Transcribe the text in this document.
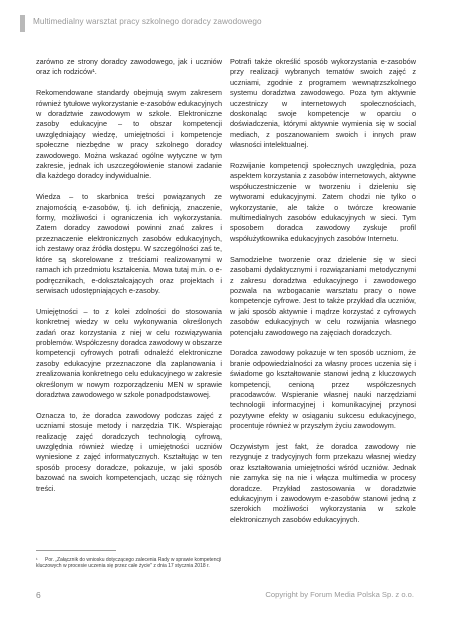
Multimedialny warsztat pracy szkolnego doradcy zawodowego

zarówno ze strony doradcy zawodowego, jak i uczniów oraz ich rodziców¹.

Rekomendowane standardy obejmują swym zakresem również tytułowe wykorzystanie e-zasobów edukacyjnych w doradztwie zawodowym w szkole. Elektroniczne zasoby edukacyjne – to obszar kompetencji uwzględniający wiedzę, umiejętności i kompetencje społeczne niezbędne w pracy szkolnego doradcy zawodowego. Można wskazać ogólne wytyczne w tym zakresie, jednak ich uszczegółowienie stanowi zadanie dla każdego doradcy indywidualnie.

Wiedza – to skarbnica treści powiązanych ze znajomością e-zasobów, tj. ich definicją, znaczenie, formy, możliwości i ograniczenia ich wykorzystania. Zatem doradcy zawodowi powinni znać zakres i przeznaczenie elektronicznych zasobów edukacyjnych, ich zestawy oraz źródła dostępu. W szczególności zaś te, które są skorelowane z treściami realizowanymi w ramach ich przedmiotu kształcenia. Mowa tutaj m.in. o e-podręcznikach, e-dokształcających oraz projektach i serwisach udostępniających e-zasoby.

Umiejętności – to z kolei zdolności do stosowania konkretnej wiedzy w celu wykonywania określonych zadań oraz korzystania z niej w celu rozwiązywania problemów. Współczesny doradca zawodowy w obszarze kompetencji cyfrowych potrafi odnaleźć elektroniczne zasoby edukacyjne przeznaczone dla zaplanowania i zrealizowania konkretnego celu edukacyjnego w zakresie określonym w nowym rozporządzeniu MEN w sprawie doradztwa zawodowego w szkole ponadpodstawowej.

Oznacza to, że doradca zawodowy podczas zajęć z uczniami stosuje metody i narzędzia TIK. Wspierając realizację zajęć doradczych technologią cyfrową, uwzględnia również wiedzę i umiejętności uczniów wyniesione z zajęć informatycznych. Kształtując w ten sposób procesy doradcze, pokazuje, w jaki sposób bazować na swoich kompetencjach, ucząc się różnych treści.

Potrafi także określić sposób wykorzystania e-zasobów przy realizacji wybranych tematów swoich zajęć z uczniami, zgodnie z programem wewnątrzszkolnego systemu doradztwa zawodowego. Poza tym aktywnie uczestniczy w internetowych społecznościach, doskonaląc swoje kompetencje w oparciu o doświadczenia, którymi aktywnie wymienia się w social mediach, z poszanowaniem swoich i innych praw własności intelektualnej.

Rozwijanie kompetencji społecznych uwzględnia, poza aspektem korzystania z zasobów internetowych, aktywne współuczestniczenie w tworzeniu i dzieleniu się wytworami edukacyjnymi. Zatem chodzi nie tylko o wykorzystanie, ale także o twórcze kreowanie multimedialnych zasobów edukacyjnych w sieci. Tym sposobem doradca zawodowy zyskuje profil współużytkownika edukacyjnych zasobów Internetu.

Samodzielne tworzenie oraz dzielenie się w sieci zasobami dydaktycznymi i rozwiązaniami metodycznymi z zakresu doradztwa edukacyjnego i zawodowego pozwala na wzbogacanie warsztatu pracy o nowe kompetencje cyfrowe. Jest to także przykład dla uczniów, w jaki sposób aktywnie i mądrze korzystać z cyfrowych zasobów edukacyjnych w celu rozwijania własnego potencjału zawodowego na zajęciach doradczych.

Doradca zawodowy pokazuje w ten sposób uczniom, że branie odpowiedzialności za własny proces uczenia się i świadome go kształtowanie stanowi jedną z kluczowych kompetencji, cenioną przez współczesnych pracodawców. Wspieranie własnej nauki narzędziami technologii informacyjnej i komunikacyjnej przynosi pozytywne efekty w osiąganiu sukcesu edukacyjnego, procentuje również w przyszłym życiu zawodowym.

Oczywistym jest fakt, że doradca zawodowy nie rezygnuje z tradycyjnych form przekazu własnej wiedzy oraz kształtowania umiejętności wśród uczniów. Jednak nie zamyka się na nie i włącza multimedia w procesy doradcze. Przykład zastosowania w doradztwie edukacyjnym i zawodowym e-zasobów stanowi jedną z szerokich możliwości wykorzystania w szkole elektronicznych zasobów edukacyjnych.

¹ Por. „Załącznik do wniosku dotyczącego zalecenia Rady w sprawie kompetencji kluczowych w procesie uczenia się przez całe życie" z dnia 17 stycznia 2018 r.
6	Copyright by Forum Media Polska Sp. z o.o.
